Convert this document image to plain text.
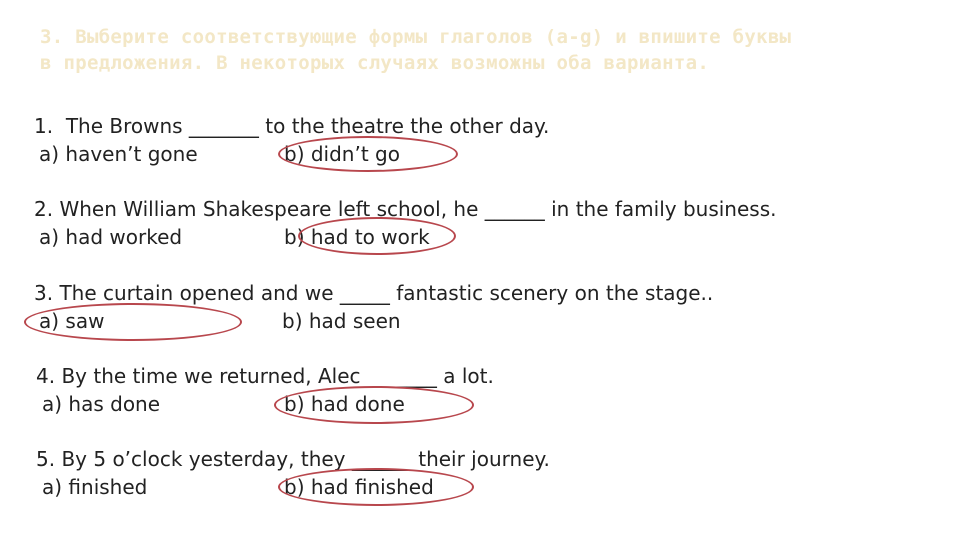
3. Выберите соответствующие формы глаголов (a-g) и впишите буквы
в предложения. В некоторых случаях возможны оба варианта.
1. The Browns _______ to the theatre the other day.
a) haven’t gone	b) didn’t go
2. When William Shakespeare left school, he ______ in the family business.
a) had worked	b) had to work
3. The curtain opened and we _____ fantastic scenery on the stage..
a) saw	b) had seen
4. By the time we returned, Alec _______ a lot.
a) has done	b) had done
5. By 5 o’clock yesterday, they ______ their journey.
a) finished	b) had finished
